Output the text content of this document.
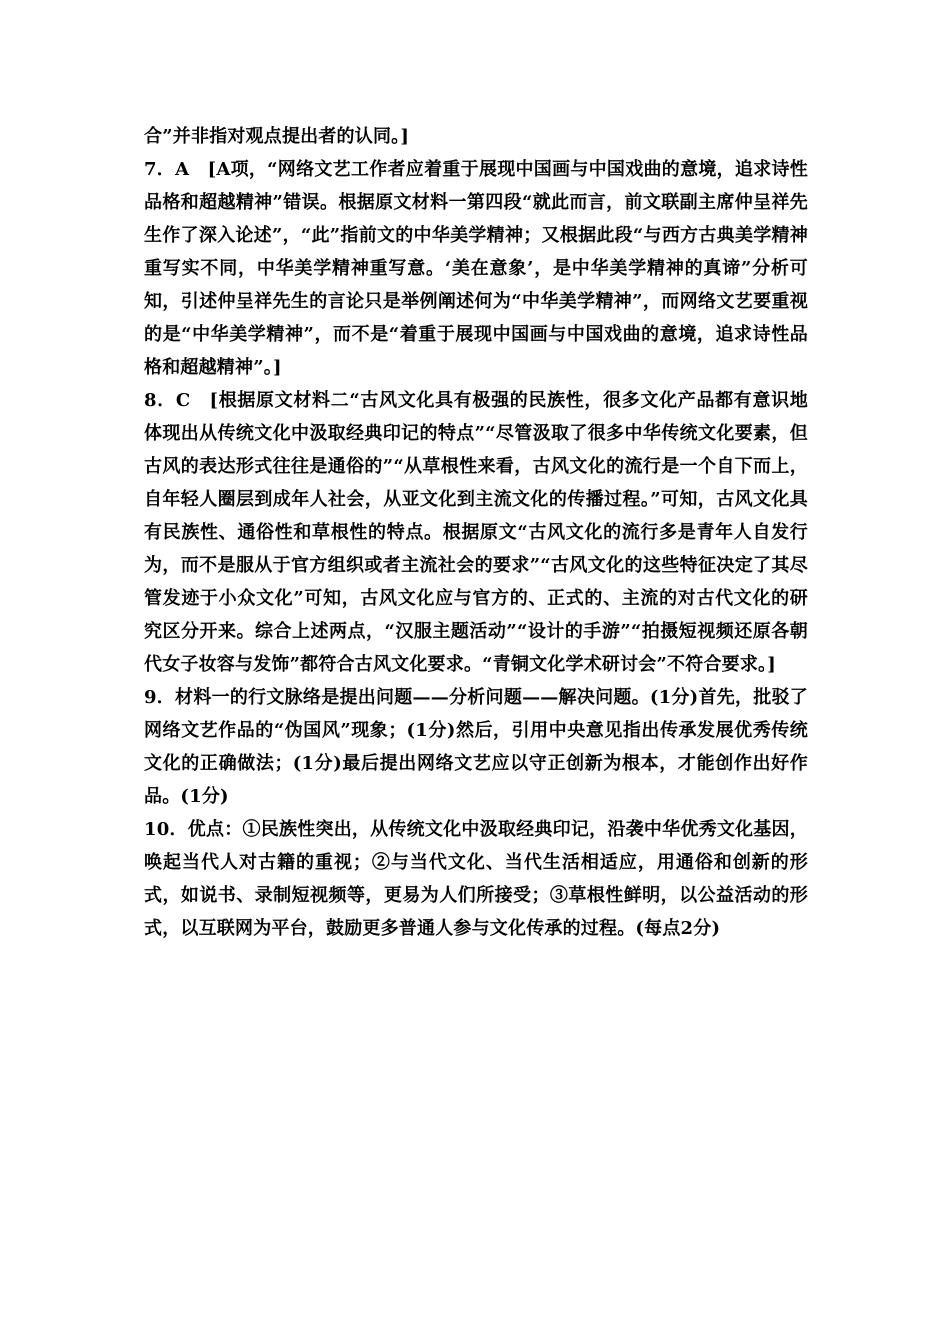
合”并非指对观点提出者的认同。]

7．A　[A项，“网络文艺工作者应着重于展现中国画与中国戏曲的意境，追求诗性品格和超越精神”错误。根据原文材料一第四段“就此而言，前文联副主席仲呈祥先生作了深入论述”，“此”指前文的中华美学精神；又根据此段“与西方古典美学精神重写实不同，中华美学精神重写意。‘美在意象’，是中华美学精神的真谛”分析可知，引述仲呈祥先生的言论只是举例阐述何为“中华美学精神”，而网络文艺要重视的是“中华美学精神”，而不是“着重于展现中国画与中国戏曲的意境，追求诗性品格和超越精神”。]

8．C　[根据原文材料二“古风文化具有极强的民族性，很多文化产品都有意识地体现出从传统文化中汲取经典印记的特点”“尽管汲取了很多中华传统文化要素，但古风的表达形式往往是通俗的”“从草根性来看，古风文化的流行是一个自下而上，自年轻人圈层到成年人社会，从亚文化到主流文化的传播过程。”可知，古风文化具有民族性、通俗性和草根性的特点。根据原文“古风文化的流行多是青年人自发行为，而不是服从于官方组织或者主流社会的要求”“古风文化的这些特征决定了其尽管发迹于小众文化”可知，古风文化应与官方的、正式的、主流的对古代文化的研究区分开来。综合上述两点，“汉服主题活动”“设计的手游”“拍摄短视频还原各朝代女子妆容与发饰”都符合古风文化要求。“青铜文化学术研讨会”不符合要求。]

9．材料一的行文脉络是提出问题——分析问题——解决问题。(1分)首先，批驳了网络文艺作品的“伪国风”现象；(1分)然后，引用中央意见指出传承发展优秀传统文化的正确做法；(1分)最后提出网络文艺应以守正创新为根本，才能创作出好作品。(1分)

10．优点：①民族性突出，从传统文化中汲取经典印记，沿袭中华优秀文化基因，唤起当代人对古籍的重视；②与当代文化、当代生活相适应，用通俗和创新的形式，如说书、录制短视频等，更易为人们所接受；③草根性鲜明，以公益活动的形式，以互联网为平台，鼓励更多普通人参与文化传承的过程。(每点2分)
